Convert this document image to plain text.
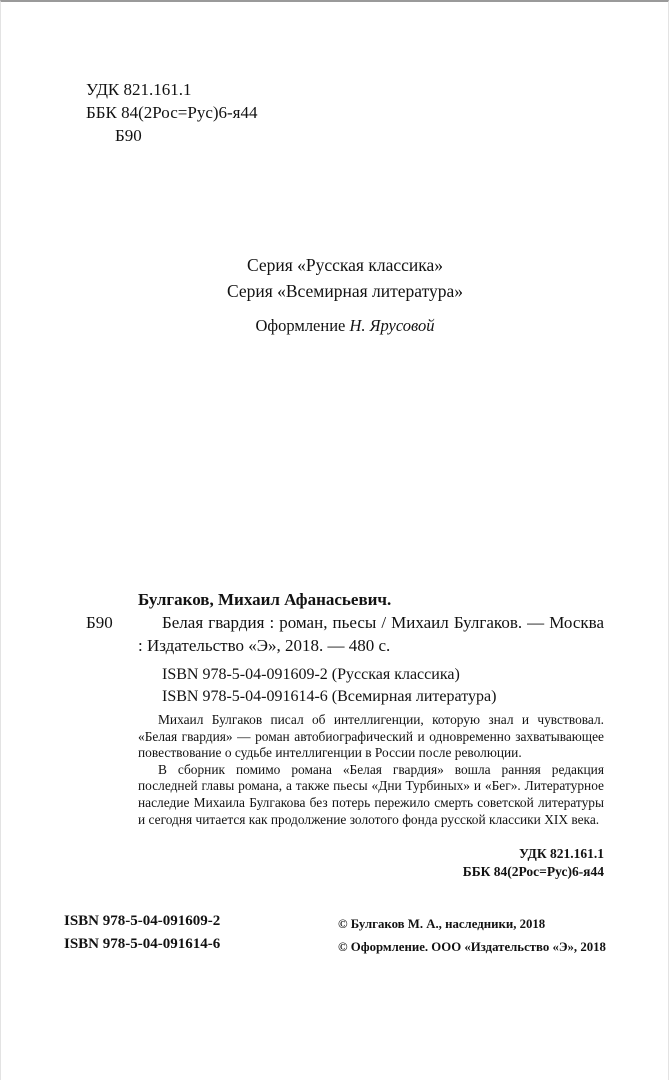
УДК 821.161.1
ББК 84(2Рос=Рус)6-я44
Б90
Серия «Русская классика»
Серия «Всемирная литература»
Оформление Н. Ярусовой
Булгаков, Михаил Афанасьевич.
Б90	Белая гвардия : роман, пьесы / Михаил Булгаков. — Москва : Издательство «Э», 2018. — 480 с.
ISBN 978-5-04-091609-2 (Русская классика)
ISBN 978-5-04-091614-6 (Всемирная литература)

Михаил Булгаков писал об интеллигенции, которую знал и чувствовал. «Белая гвардия» — роман автобиографический и одновременно захватывающее повествование о судьбе интеллигенции в России после революции.

В сборник помимо романа «Белая гвардия» вошла ранняя редакция последней главы романа, а также пьесы «Дни Турбиных» и «Бег». Литературное наследие Михаила Булгакова без потерь пережило смерть советской литературы и сегодня читается как продолжение золотого фонда русской классики XIX века.

УДК 821.161.1
ББК 84(2Рос=Рус)6-я44
ISBN 978-5-04-091609-2
ISBN 978-5-04-091614-6
© Булгаков М. А., наследники, 2018
© Оформление. ООО «Издательство «Э», 2018
